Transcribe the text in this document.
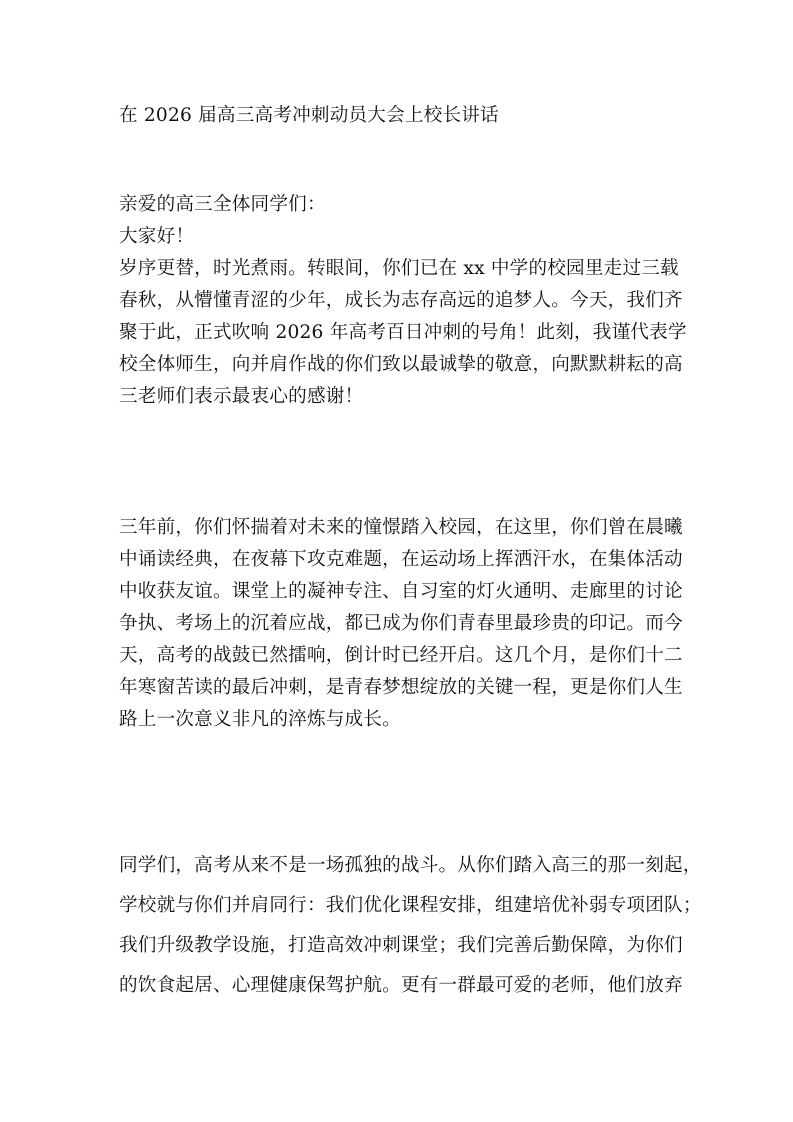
在 2026 届高三高考冲刺动员大会上校长讲话
亲爱的高三全体同学们：
大家好！
岁序更替，时光煮雨。转眼间，你们已在 xx 中学的校园里走过三载
春秋，从懵懂青涩的少年，成长为志存高远的追梦人。今天，我们齐
聚于此，正式吹响 2026 年高考百日冲刺的号角！此刻，我谨代表学
校全体师生，向并肩作战的你们致以最诚挚的敬意，向默默耕耘的高
三老师们表示最衷心的感谢！
三年前，你们怀揣着对未来的憧憬踏入校园，在这里，你们曾在晨曦
中诵读经典，在夜幕下攻克难题，在运动场上挥洒汗水，在集体活动
中收获友谊。课堂上的凝神专注、自习室的灯火通明、走廊里的讨论
争执、考场上的沉着应战，都已成为你们青春里最珍贵的印记。而今
天，高考的战鼓已然擂响，倒计时已经开启。这几个月，是你们十二
年寒窗苦读的最后冲刺，是青春梦想绽放的关键一程，更是你们人生
路上一次意义非凡的淬炼与成长。
同学们，高考从来不是一场孤独的战斗。从你们踏入高三的那一刻起，
学校就与你们并肩同行：我们优化课程安排，组建培优补弱专项团队；
我们升级教学设施，打造高效冲刺课堂；我们完善后勤保障，为你们
的饮食起居、心理健康保驾护航。更有一群最可爱的老师，他们放弃
